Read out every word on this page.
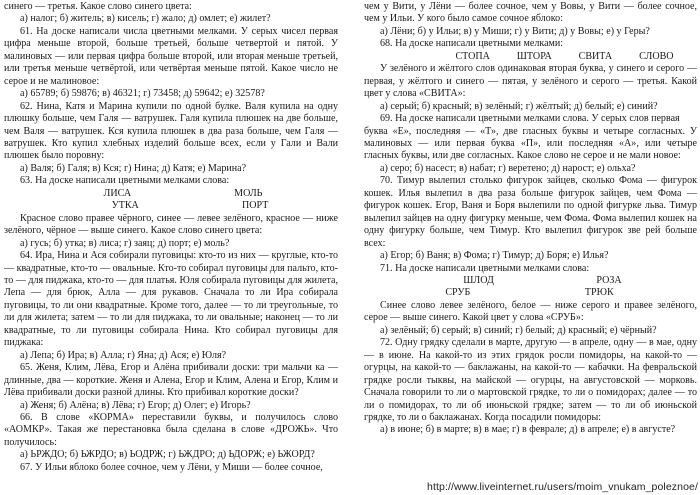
синего — третья. Какое слово синего цвета:

а) налог; б) житель; в) кисель; г) жало; д) омлет; е) жилет?

61. На доске написали числа цветными мелками. У серых чисел первая цифра меньше второй, больше третьей, больше четвертой и пятой. У малиновых — или первая цифра больше второй, или вторая меньше третьей, или третья меньше четвёртой, или четвёртая меньше пятой. Какое число не серое и не малиновое:

а) 65789; б) 59876; в) 46321; г) 73458; д) 59642; е) 32578?

62. Нина, Катя и Марина купили по одной булке. Валя купила на одну плюшку больше, чем Галя — ватрушек. Галя купила плюшек на две больше, чем Валя — ватрушек. Кся купила плюшек в два раза больше, чем Галя — ватрушек. Кто купил хлебных изделий больше всех, если у Гали и Вали плюшек было поровну:

а) Валя; б) Галя; в) Кся; г) Нина; д) Катя; е) Марина?

63. На доске написали цветными мелками слова:

ЛИСА	МОЛЬ
УТКА	ПОРТ

Красное слово правее чёрного, синее — левее зелёного, красное — ниже зелёного, чёрное — выше синего. Какое слово синего цвета:

а) гусь; б) утка; в) лиса; г) заяц; д) порт; е) моль?

64. Ира, Нина и Ася собирали пуговицы: кто-то из них — круглые, кто-то — квадратные, кто-то — овальные. Кто-то собирал пуговицы для пальто, кто-то — для пиджака, кто-то — для платья. Юля собирала пуговицы для жилета, Лепа — для брюк, Алла — для рукавов. Сначала то ли Ира собирала пуговицы, то ли они квадратные. Кроме того, далее — то ли треугольные, то ли для жилета; затем — то ли для пиджака, то ли овальные; наконец — то ли квадратные, то ли пуговицы собирала Нина. Кто собирал пуговицы для пиджака:

а) Лепа; б) Ира; в) Алла; г) Яна; д) Ася; е) Юля?

65. Женя, Клим, Лёва, Егор и Алёна прибивали доски: три мальчи ка — длинные, два — короткие. Женя и Алена, Егор и Клим, Алена и Егор, Клим и Лёва прибивали доски разной длины. Кто прибивал короткие доски?

а) Женя; б) Алёна; в) Лёва; г) Егор; д) Олег; е) Игорь?

66. В слове «КОРМА» переставили буквы, и получилось слово «АОМКР». Такая же перестановка была сделана в слове «ДРОЖЬ». Что получилось:

а) ЬРЖДО; б) ЬЖРДО; в) ЬОДРЖ; г) ЬЖДРО; д) ЬДОРЖ; е) ЬЖОРД?

67. У Ильи яблоко более сочное, чем у Лёни, у Миши — более сочное,

чем у Вити, у Лёни — более сочное, чем у Вовы, у Вити — более сочное, чем у Ильи. У кого было самое сочное яблоко:

а) Лёни; б) у Ильи; в) у Миши; г) у Вити; д) у Вовы; е) у Геры?

68. На доске написали цветными мелками:

СТОПА	ШТОРА	СВИТА	СЛОВО

У зелёного и жёлтого слов одинаковая вторая буква, у синего и серого — первая, у жёлтого и синего — пятая, у зелёного и серого — третья. Какой цвет у слова «СВИТА»:

а) серый; б) красный; в) зелёный; г) жёлтый; д) белый; е) синий?

69. На доске написали цветными мелками слова. У серых слов первая

буква «Е», последняя — «Т», две гласных буквы и четыре согласных. У малиновых — или первая буква «П», или последняя «А», или четыре гласных буквы, или две согласных. Какое слово не серое и не мали новое:

а) серо; б) насест; в) набат; г) веретено; д) нарост; е) ольха?

70. Тимур вылепил столько фигурок зайцев, сколько Фома — фигурок кошек. Илья вылепил в два раза больше фигурок зайцев, чем Фома — фигурок кошек. Егор, Ваня и Боря вылепили по одной фигурке льва. Тимур вылепил зайцев на одну фигурку меньше, чем Фома. Фома вылепил кошек на одну фигурку больше, чем Тимур. Кто вылепил фигурок зве рей больше всех:

а) Егор; б) Ваня; в) Фома; г) Тимур; д) Боря; е) Илья?

71. На доске написали цветными мелками слова:

ШЛОД	РОЗА
СРУБ	ТРЮК

Синее слово левее зелёного, белое — ниже серого и правее зелёного, серое — выше синего. Какой цвет у слова «СРУБ»:

а) зелёный; б) серый; в) синий; г) белый; д) красный; е) чёрный?

72. Одну грядку сделали в марте, другую — в апреле, одну — в мае, одну — в июне. На какой-то из этих грядок росли помидоры, на какой-то — огурцы, на какой-то — баклажаны, на какой-то — кабачки. На февральской грядке росли тыквы, на майской — огурцы, на августовской — морковь. Сначала говорили то ли о мартовской грядке, то ли о помидорах; далее — то ли о помидорах, то ли об июньской грядке; затем — то ли об июньской грядке, то ли о баклажанах. Когда посадили помидоры:

а) в июне; б) в марте; в) в мае; г) в феврале; д) в апреле; е) в августе?

http://www.liveinternet.ru/users/moim_vnukam_poleznoe/
